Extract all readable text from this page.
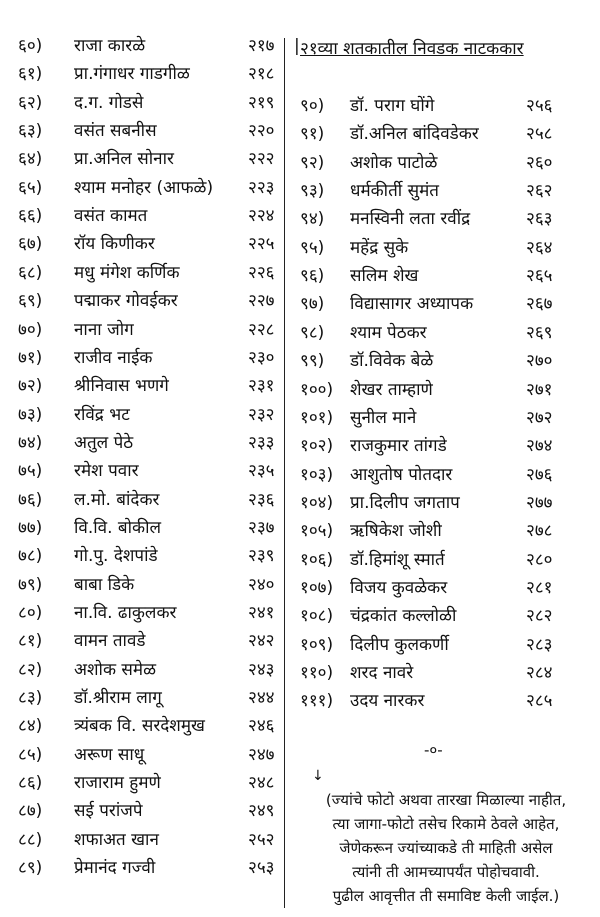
६०) राजा कारळे	२१७
६१) प्रा.गंगाधर गाडगीळ	२१८
६२) द.ग. गोडसे	२१९
६३) वसंत सबनीस	२२०
६४) प्रा.अनिल सोनार	२२२
६५) श्याम मनोहर (आफळे) २२३
६६) वसंत कामत	२२४
६७) रॉय किणीकर	२२५
६८) मधु मंगेश कर्णिक	२२६
६९) पद्माकर गोवईकर	२२७
७०) नाना जोग	२२८
७१) राजीव नाईक	२३०
७२) श्रीनिवास भणगे	२३१
७३) रविंद्र भट	२३२
७४) अतुल पेठे	२३३
७५) रमेश पवार	२३५
७६) ल.मो. बांदेकर	२३६
७७) वि.वि. बोकील	२३७
७८) गो.पु. देशपांडे	२३९
७९) बाबा डिके	२४०
८०) ना.वि. ढाकुलकर	२४१
८१) वामन तावडे	२४२
८२) अशोक समेळ	२४३
८३) डॉ.श्रीराम लागू	२४४
८४) त्र्यंबक वि. सरदेशमुख	२४६
८५) अरूण साधू	२४७
८६) राजाराम हुमणे	२४८
८७) सई परांजपे	२४९
८८) शफाअत खान	२५२
८९) प्रेमानंद गज्वी	२५३
| २१व्या शतकातील निवडक नाटककार
९०) डॉ. पराग घोंगे	२५६
९१) डॉ.अनिल बांदिवडेकर	२५८
९२) अशोक पाटोळे	२६०
९३) धर्मकीर्ती सुमंत	२६२
९४) मनस्विनी लता रवींद्र	२६३
९५) महेंद्र सुके	२६४
९६) सलिम शेख	२६५
९७) विद्यासागर अध्यापक	२६७
९८) श्याम पेठकर	२६९
९९) डॉ.विवेक बेळे	२७०
१००) शेखर ताम्हाणे	२७१
१०१) सुनील माने	२७२
१०२) राजकुमार तांगडे	२७४
१०३) आशुतोष पोतदार	२७६
१०४) प्रा.दिलीप जगताप	२७७
१०५) ऋषिकेश जोशी	२७८
१०६) डॉ.हिमांशू स्मार्त	२८०
१०७) विजय कुवळेकर	२८१
१०८) चंद्रकांत कल्लोळी	२८२
१०९) दिलीप कुलकर्णी	२८३
११०) शरद नावरे	२८४
१११) उदय नारकर	२८५
-०-
↓
(ज्यांचे फोटो अथवा तारखा मिळाल्या नाहीत,
त्या जागा-फोटो तसेच रिकामे ठेवले आहेत,
जेणेकरून ज्यांच्याकडे ती माहिती असेल
त्यांनी ती आमच्यापर्यंत पोहोचवावी.
पुढील आवृत्तीत ती समाविष्ट केली जाईल.)
